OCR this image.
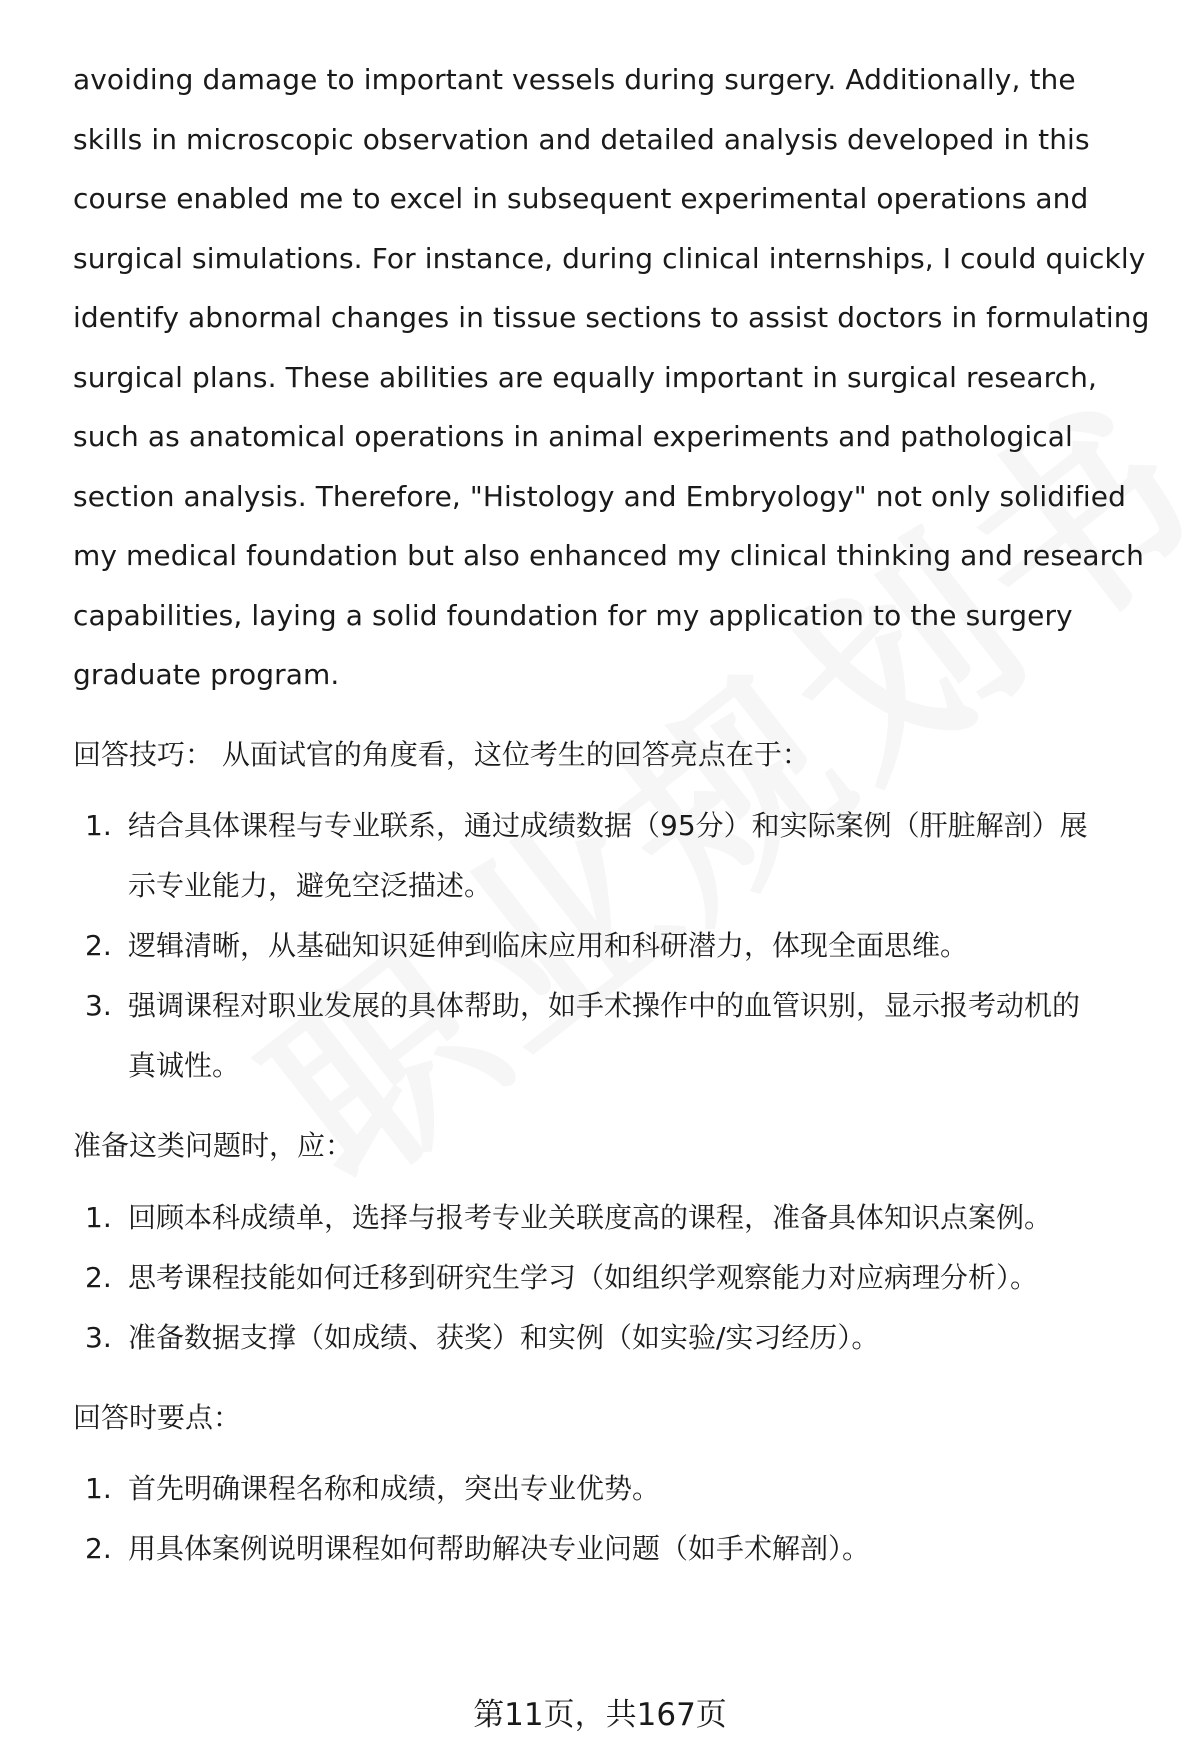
avoiding damage to important vessels during surgery. Additionally, the

skills in microscopic observation and detailed analysis developed in this

course enabled me to excel in subsequent experimental operations and

surgical simulations. For instance, during clinical internships, I could quickly

identify abnormal changes in tissue sections to assist doctors in formulating

surgical plans. These abilities are equally important in surgical research,

such as anatomical operations in animal experiments and pathological

section analysis. Therefore, "Histology and Embryology" not only solidified

my medical foundation but also enhanced my clinical thinking and research

capabilities, laying a solid foundation for my application to the surgery

graduate program.

回答技巧： 从面试官的角度看，这位考生的回答亮点在于：

1. 结合具体课程与专业联系，通过成绩数据（95分）和实际案例（肝脏解剖）展
示专业能力，避免空泛描述。
2. 逻辑清晰，从基础知识延伸到临床应用和科研潜力，体现全面思维。
3. 强调课程对职业发展的具体帮助，如手术操作中的血管识别，显示报考动机的
真诚性。

准备这类问题时，应：

1. 回顾本科成绩单，选择与报考专业关联度高的课程，准备具体知识点案例。
2. 思考课程技能如何迁移到研究生学习（如组织学观察能力对应病理分析）。
3. 准备数据支撑（如成绩、获奖）和实例（如实验/实习经历）。

回答时要点：

1. 首先明确课程名称和成绩，突出专业优势。
2. 用具体案例说明课程如何帮助解决专业问题（如手术解剖）。
第11页，共167页
